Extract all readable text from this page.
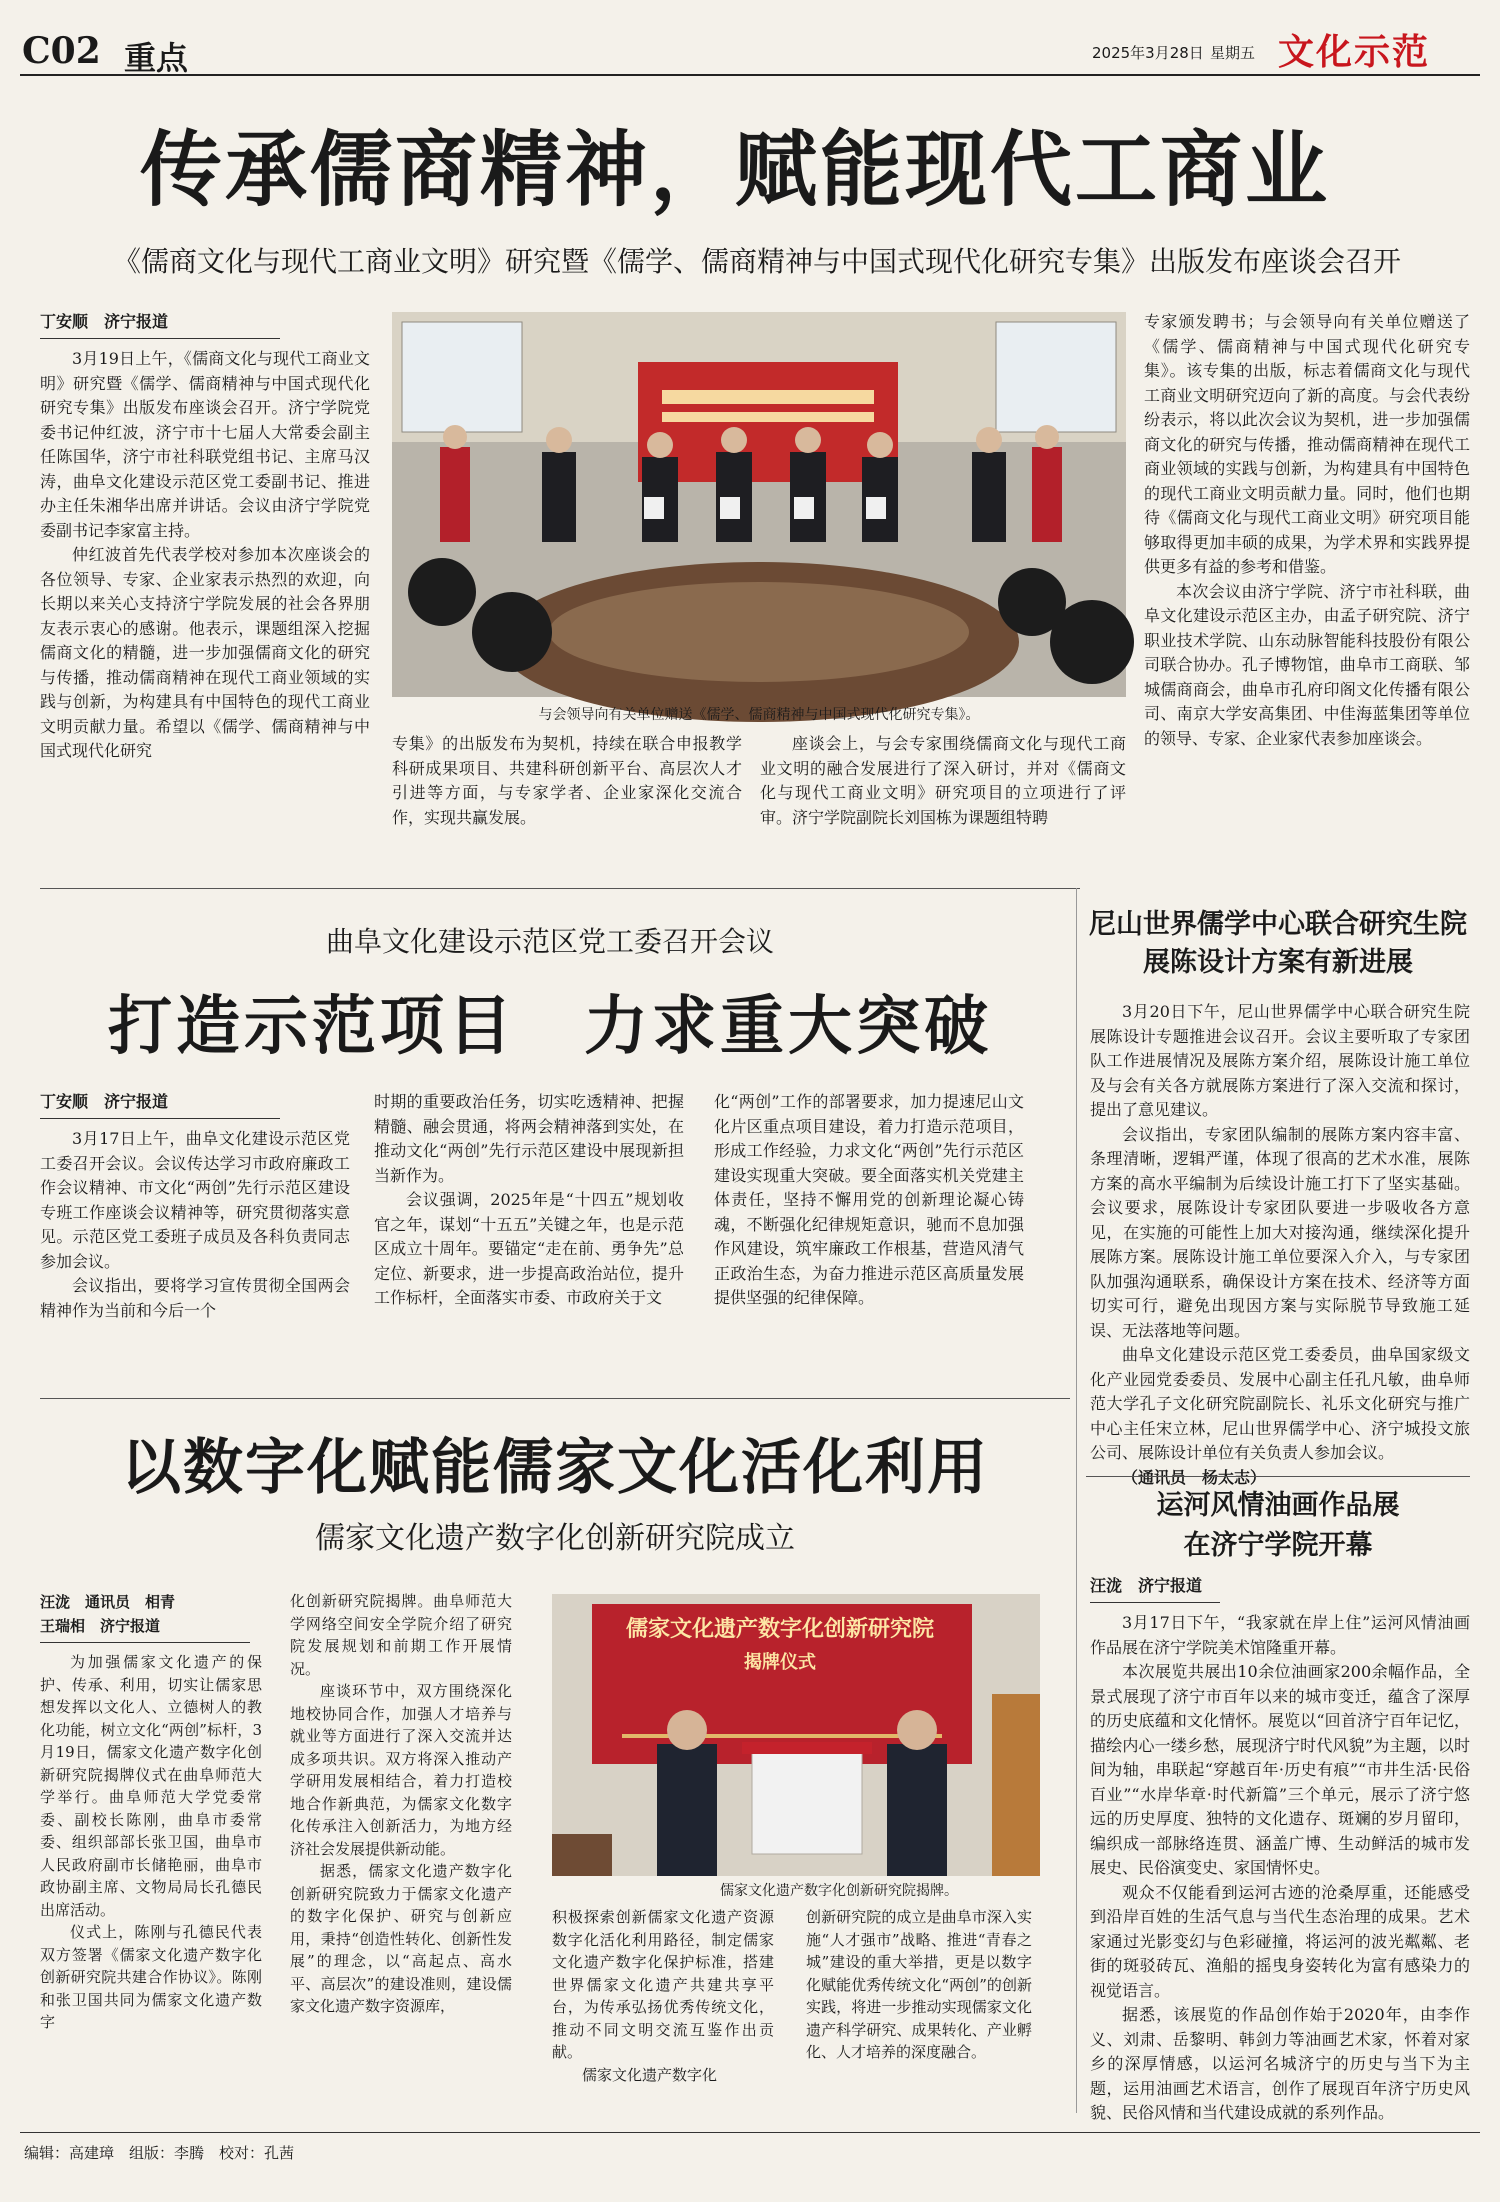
C02 重点	2025年3月28日 星期五 文化示范
传承儒商精神，赋能现代工商业
《儒商文化与现代工商业文明》研究暨《儒学、儒商精神与中国式现代化研究专集》出版发布座谈会召开
丁安顺　济宁报道

3月19日上午，《儒商文化与现代工商业文明》研究暨《儒学、儒商精神与中国式现代化研究专集》出版发布座谈会召开。济宁学院党委书记仲红波，济宁市十七届人大常委会副主任陈国华，济宁市社科联党组书记、主席马汉涛，曲阜文化建设示范区党工委副书记、推进办主任朱湘华出席并讲话。会议由济宁学院党委副书记李家富主持。

仲红波首先代表学校对参加本次座谈会的各位领导、专家、企业家表示热烈的欢迎，向长期以来关心支持济宁学院发展的社会各界朋友表示衷心的感谢。他表示，课题组深入挖掘儒商文化的精髓，进一步加强儒商文化的研究与传播，推动儒商精神在现代工商业领域的实践与创新，为构建具有中国特色的现代工商业文明贡献力量。希望以《儒学、儒商精神与中国式现代化研究

与会领导向有关单位赠送《儒学、儒商精神与中国式现代化研究专集》。

专集》的出版发布为契机，持续在联合申报教学科研成果项目、共建科研创新平台、高层次人才引进等方面，与专家学者、企业家深化交流合作，实现共赢发展。

座谈会上，与会专家围绕儒商文化与现代工商业文明的融合发展进行了深入研讨，并对《儒商文化与现代工商业文明》研究项目的立项进行了评审。济宁学院副院长刘国栋为课题组特聘

专家颁发聘书；与会领导向有关单位赠送了《儒学、儒商精神与中国式现代化研究专集》。该专集的出版，标志着儒商文化与现代工商业文明研究迈向了新的高度。与会代表纷纷表示，将以此次会议为契机，进一步加强儒商文化的研究与传播，推动儒商精神在现代工商业领域的实践与创新，为构建具有中国特色的现代工商业文明贡献力量。同时，他们也期待《儒商文化与现代工商业文明》研究项目能够取得更加丰硕的成果，为学术界和实践界提供更多有益的参考和借鉴。

本次会议由济宁学院、济宁市社科联，曲阜文化建设示范区主办，由孟子研究院、济宁职业技术学院、山东动脉智能科技股份有限公司联合协办。孔子博物馆，曲阜市工商联、邹城儒商商会，曲阜市孔府印阁文化传播有限公司、南京大学安高集团、中佳海蓝集团等单位的领导、专家、企业家代表参加座谈会。

曲阜文化建设示范区党工委召开会议
打造示范项目　力求重大突破
丁安顺　济宁报道

3月17日上午，曲阜文化建设示范区党工委召开会议。会议传达学习市政府廉政工作会议精神、市文化“两创”先行示范区建设专班工作座谈会议精神等，研究贯彻落实意见。示范区党工委班子成员及各科负责同志参加会议。

会议指出，要将学习宣传贯彻全国两会精神作为当前和今后一个

时期的重要政治任务，切实吃透精神、把握精髓、融会贯通，将两会精神落到实处，在推动文化“两创”先行示范区建设中展现新担当新作为。

会议强调，2025年是“十四五”规划收官之年，谋划“十五五”关键之年，也是示范区成立十周年。要锚定“走在前、勇争先”总定位、新要求，进一步提高政治站位，提升工作标杆，全面落实市委、市政府关于文

化“两创”工作的部署要求，加力提速尼山文化片区重点项目建设，着力打造示范项目，形成工作经验，力求文化“两创”先行示范区建设实现重大突破。要全面落实机关党建主体责任，坚持不懈用党的创新理论凝心铸魂，不断强化纪律规矩意识，驰而不息加强作风建设，筑牢廉政工作根基，营造风清气正政治生态，为奋力推进示范区高质量发展提供坚强的纪律保障。

尼山世界儒学中心联合研究生院
展陈设计方案有新进展

3月20日下午，尼山世界儒学中心联合研究生院展陈设计专题推进会议召开。会议主要听取了专家团队工作进展情况及展陈方案介绍，展陈设计施工单位及与会有关各方就展陈方案进行了深入交流和探讨，提出了意见建议。

会议指出，专家团队编制的展陈方案内容丰富、条理清晰，逻辑严谨，体现了很高的艺术水准，展陈方案的高水平编制为后续设计施工打下了坚实基础。会议要求，展陈设计专家团队要进一步吸收各方意见，在实施的可能性上加大对接沟通，继续深化提升展陈方案。展陈设计施工单位要深入介入，与专家团队加强沟通联系，确保设计方案在技术、经济等方面切实可行，避免出现因方案与实际脱节导致施工延误、无法落地等问题。

曲阜文化建设示范区党工委委员，曲阜国家级文化产业园党委委员、发展中心副主任孔凡敏，曲阜师范大学孔子文化研究院副院长、礼乐文化研究与推广中心主任宋立林，尼山世界儒学中心、济宁城投文旅公司、展陈设计单位有关负责人参加会议。

（通讯员　杨太志）
运河风情油画作品展
在济宁学院开幕
汪泷　济宁报道

3月17日下午，“我家就在岸上住”运河风情油画作品展在济宁学院美术馆隆重开幕。

本次展览共展出10余位油画家200余幅作品，全景式展现了济宁市百年以来的城市变迁，蕴含了深厚的历史底蕴和文化情怀。展览以“回首济宁百年记忆，描绘内心一缕乡愁，展现济宁时代风貌”为主题，以时间为轴，串联起“穿越百年·历史有痕”“市井生活·民俗百业”“水岸华章·时代新篇”三个单元，展示了济宁悠远的历史厚度、独特的文化遗存、斑斓的岁月留印，编织成一部脉络连贯、涵盖广博、生动鲜活的城市发展史、民俗演变史、家国情怀史。

观众不仅能看到运河古迹的沧桑厚重，还能感受到沿岸百姓的生活气息与当代生态治理的成果。艺术家通过光影变幻与色彩碰撞，将运河的波光粼粼、老街的斑驳砖瓦、渔船的摇曳身姿转化为富有感染力的视觉语言。

据悉，该展览的作品创作始于2020年，由李作义、刘肃、岳黎明、韩剑力等油画艺术家，怀着对家乡的深厚情感，以运河名城济宁的历史与当下为主题，运用油画艺术语言，创作了展现百年济宁历史风貌、民俗风情和当代建设成就的系列作品。

以数字化赋能儒家文化活化利用
儒家文化遗产数字化创新研究院成立
汪泷　通讯员　相青
王瑞相　济宁报道

为加强儒家文化遗产的保护、传承、利用，切实让儒家思想发挥以文化人、立德树人的教化功能，树立文化“两创”标杆，3月19日，儒家文化遗产数字化创新研究院揭牌仪式在曲阜师范大学举行。曲阜师范大学党委常委、副校长陈刚，曲阜市委常委、组织部部长张卫国，曲阜市人民政府副市长储艳丽，曲阜市政协副主席、文物局局长孔德民出席活动。

仪式上，陈刚与孔德民代表双方签署《儒家文化遗产数字化创新研究院共建合作协议》。陈刚和张卫国共同为儒家文化遗产数字

化创新研究院揭牌。曲阜师范大学网络空间安全学院介绍了研究院发展规划和前期工作开展情况。

座谈环节中，双方围绕深化地校协同合作，加强人才培养与就业等方面进行了深入交流并达成多项共识。双方将深入推动产学研用发展相结合，着力打造校地合作新典范，为儒家文化数字化传承注入创新活力，为地方经济社会发展提供新动能。

据悉，儒家文化遗产数字化创新研究院致力于儒家文化遗产的数字化保护、研究与创新应用，秉持“创造性转化、创新性发展”的理念，以“高起点、高水平、高层次”的建设准则，建设儒家文化遗产数字资源库，

儒家文化遗产数字化创新研究院
揭牌仪式
儒家文化遗产数字化创新研究院揭牌。

积极探索创新儒家文化遗产资源数字化活化利用路径，制定儒家文化遗产数字化保护标准，搭建世界儒家文化遗产共建共享平台，为传承弘扬优秀传统文化，推动不同文明交流互鉴作出贡献。

儒家文化遗产数字化

创新研究院的成立是曲阜市深入实施“人才强市”战略、推进“青春之城”建设的重大举措，更是以数字化赋能优秀传统文化“两创”的创新实践，将进一步推动实现儒家文化遗产科学研究、成果转化、产业孵化、人才培养的深度融合。

编辑：高建璋　组版：李腾　校对：孔茜
